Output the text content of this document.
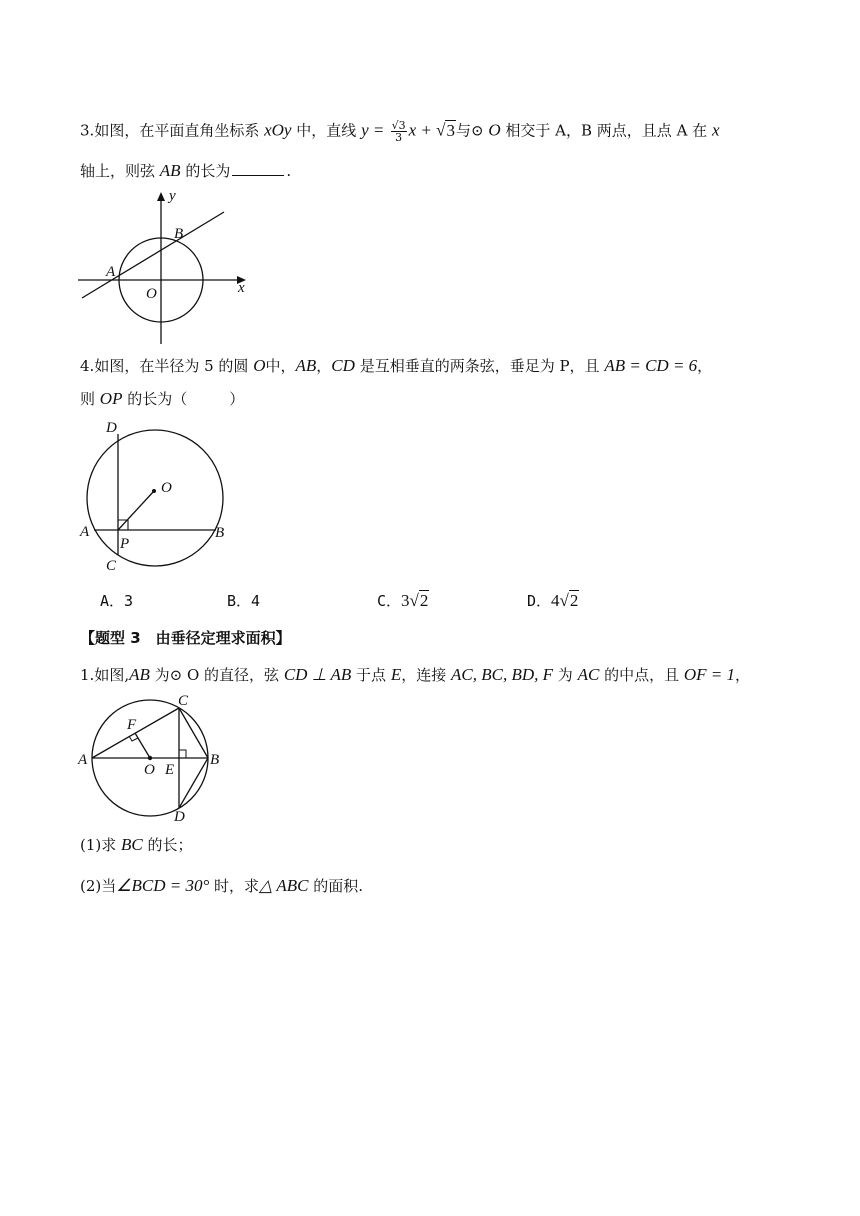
3.如图，在平面直角坐标系 xOy 中，直线 $y = \frac{√3}{3}$ x + √3与⊙ O 相交于 A，B 两点，且点 A 在 x
轴上，则弦 AB 的长为	.
y
x
B
A
O
4.如图，在半径为 5 的圆 O中，AB，CD 是互相垂直的两条弦，垂足为 P，且 AB = CD = 6，
则 OP 的长为（	）
D
O
A
P
B
C
A．3	B．4	C．3√2	D．4√2
【题型 3　由垂径定理求面积】
1.如图,AB 为⊙ O 的直径，弦 CD ⊥ AB 于点 E，连接 AC, BC, BD, F 为 AC 的中点，且 OF = 1，
C
F
A
O E
B
D
(1)求 BC 的长；
(2)当∠BCD = 30° 时，求△ ABC 的面积.
